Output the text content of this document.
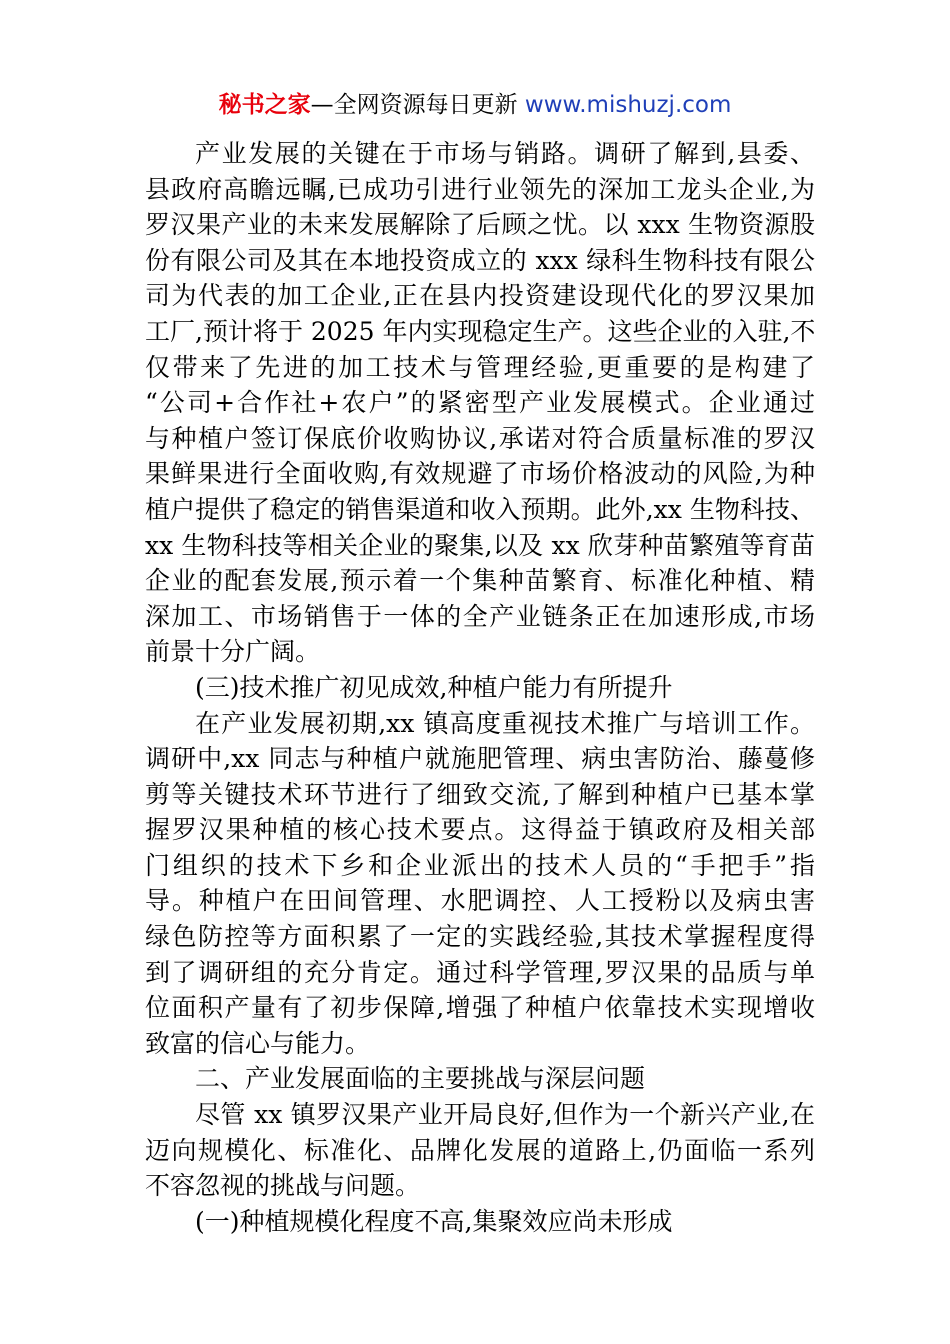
秘书之家—全网资源每日更新 www.mishuzj.com
产业发展的关键在于市场与销路。调研了解到,县委、
县政府高瞻远瞩,已成功引进行业领先的深加工龙头企业,为
罗汉果产业的未来发展解除了后顾之忧。以 xxx 生物资源股
份有限公司及其在本地投资成立的 xxx 绿科生物科技有限公
司为代表的加工企业,正在县内投资建设现代化的罗汉果加
工厂,预计将于 2025 年内实现稳定生产。这些企业的入驻,不
仅带来了先进的加工技术与管理经验,更重要的是构建了
“公司+合作社+农户”的紧密型产业发展模式。企业通过
与种植户签订保底价收购协议,承诺对符合质量标准的罗汉
果鲜果进行全面收购,有效规避了市场价格波动的风险,为种
植户提供了稳定的销售渠道和收入预期。此外,xx 生物科技、
xx 生物科技等相关企业的聚集,以及 xx 欣芽种苗繁殖等育苗
企业的配套发展,预示着一个集种苗繁育、标准化种植、精
深加工、市场销售于一体的全产业链条正在加速形成,市场
前景十分广阔。
(三)技术推广初见成效,种植户能力有所提升
在产业发展初期,xx 镇高度重视技术推广与培训工作。
调研中,xx 同志与种植户就施肥管理、病虫害防治、藤蔓修
剪等关键技术环节进行了细致交流,了解到种植户已基本掌
握罗汉果种植的核心技术要点。这得益于镇政府及相关部
门组织的技术下乡和企业派出的技术人员的“手把手”指
导。种植户在田间管理、水肥调控、人工授粉以及病虫害
绿色防控等方面积累了一定的实践经验,其技术掌握程度得
到了调研组的充分肯定。通过科学管理,罗汉果的品质与单
位面积产量有了初步保障,增强了种植户依靠技术实现增收
致富的信心与能力。
二、产业发展面临的主要挑战与深层问题
尽管 xx 镇罗汉果产业开局良好,但作为一个新兴产业,在
迈向规模化、标准化、品牌化发展的道路上,仍面临一系列
不容忽视的挑战与问题。
(一)种植规模化程度不高,集聚效应尚未形成
